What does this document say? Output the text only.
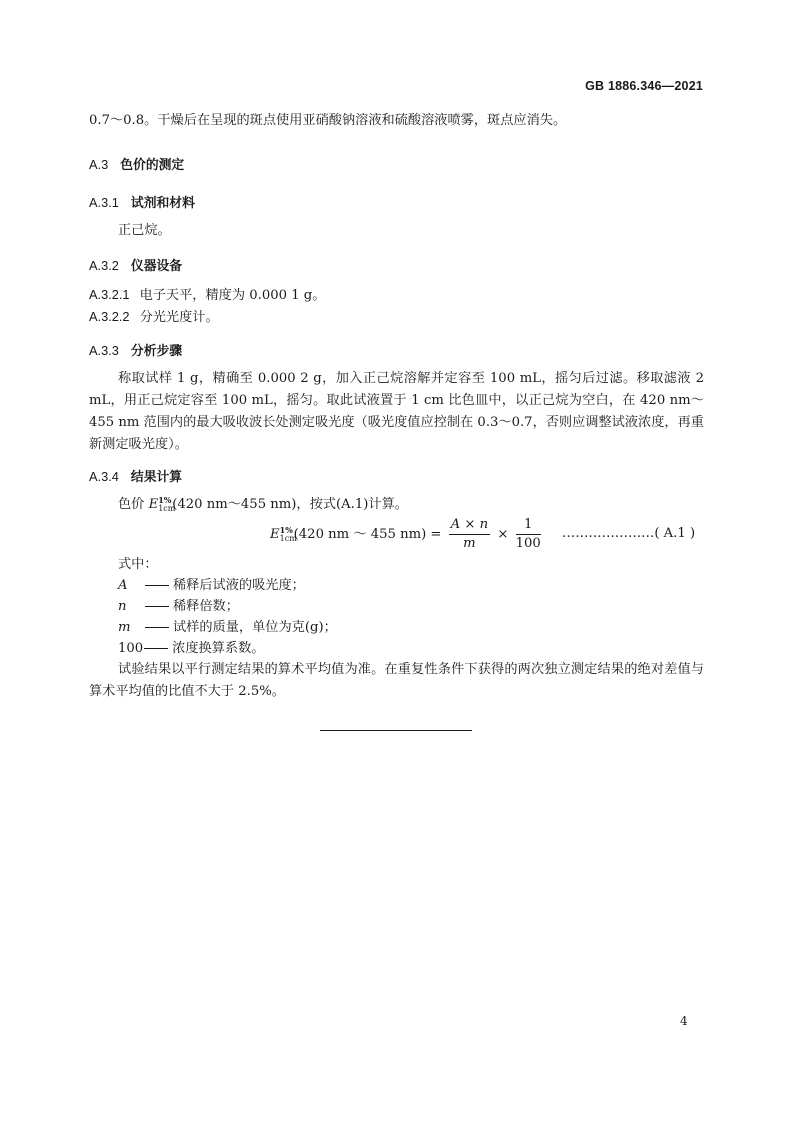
GB 1886.346—2021
0.7～0.8。干燥后在呈现的斑点使用亚硝酸钠溶液和硫酸溶液喷雾，斑点应消失。
A.3 色价的测定
A.3.1 试剂和材料
正己烷。
A.3.2 仪器设备
A.3.2.1 电子天平，精度为 0.000 1 g。
A.3.2.2 分光光度计。
A.3.3 分析步骤
称取试样 1 g，精确至 0.000 2 g，加入正己烷溶解并定容至 100 mL，摇匀后过滤。移取滤液 2 mL，用正己烷定容至 100 mL，摇匀。取此试液置于 1 cm 比色皿中，以正己烷为空白，在 420 nm～455 nm 范围内的最大吸收波长处测定吸光度（吸光度值应控制在 0.3～0.7，否则应调整试液浓度，再重新测定吸光度）。
A.3.4 结果计算
色价 E 1%
1cm
(420 nm～455 nm)，按式(A.1)计算。
E 1%
1cm
(420 nm ～ 455 $nm) = \frac{A \times n}{m} \times \frac{1}{100}$ …………………( A.1 )
式中：
A	稀释后试液的吸光度；
n	稀释倍数；
m	试样的质量，单位为克(g)；
100 浓度换算系数。
试验结果以平行测定结果的算术平均值为准。在重复性条件下获得的两次独立测定结果的绝对差值与算术平均值的比值不大于 2.5%。
4
